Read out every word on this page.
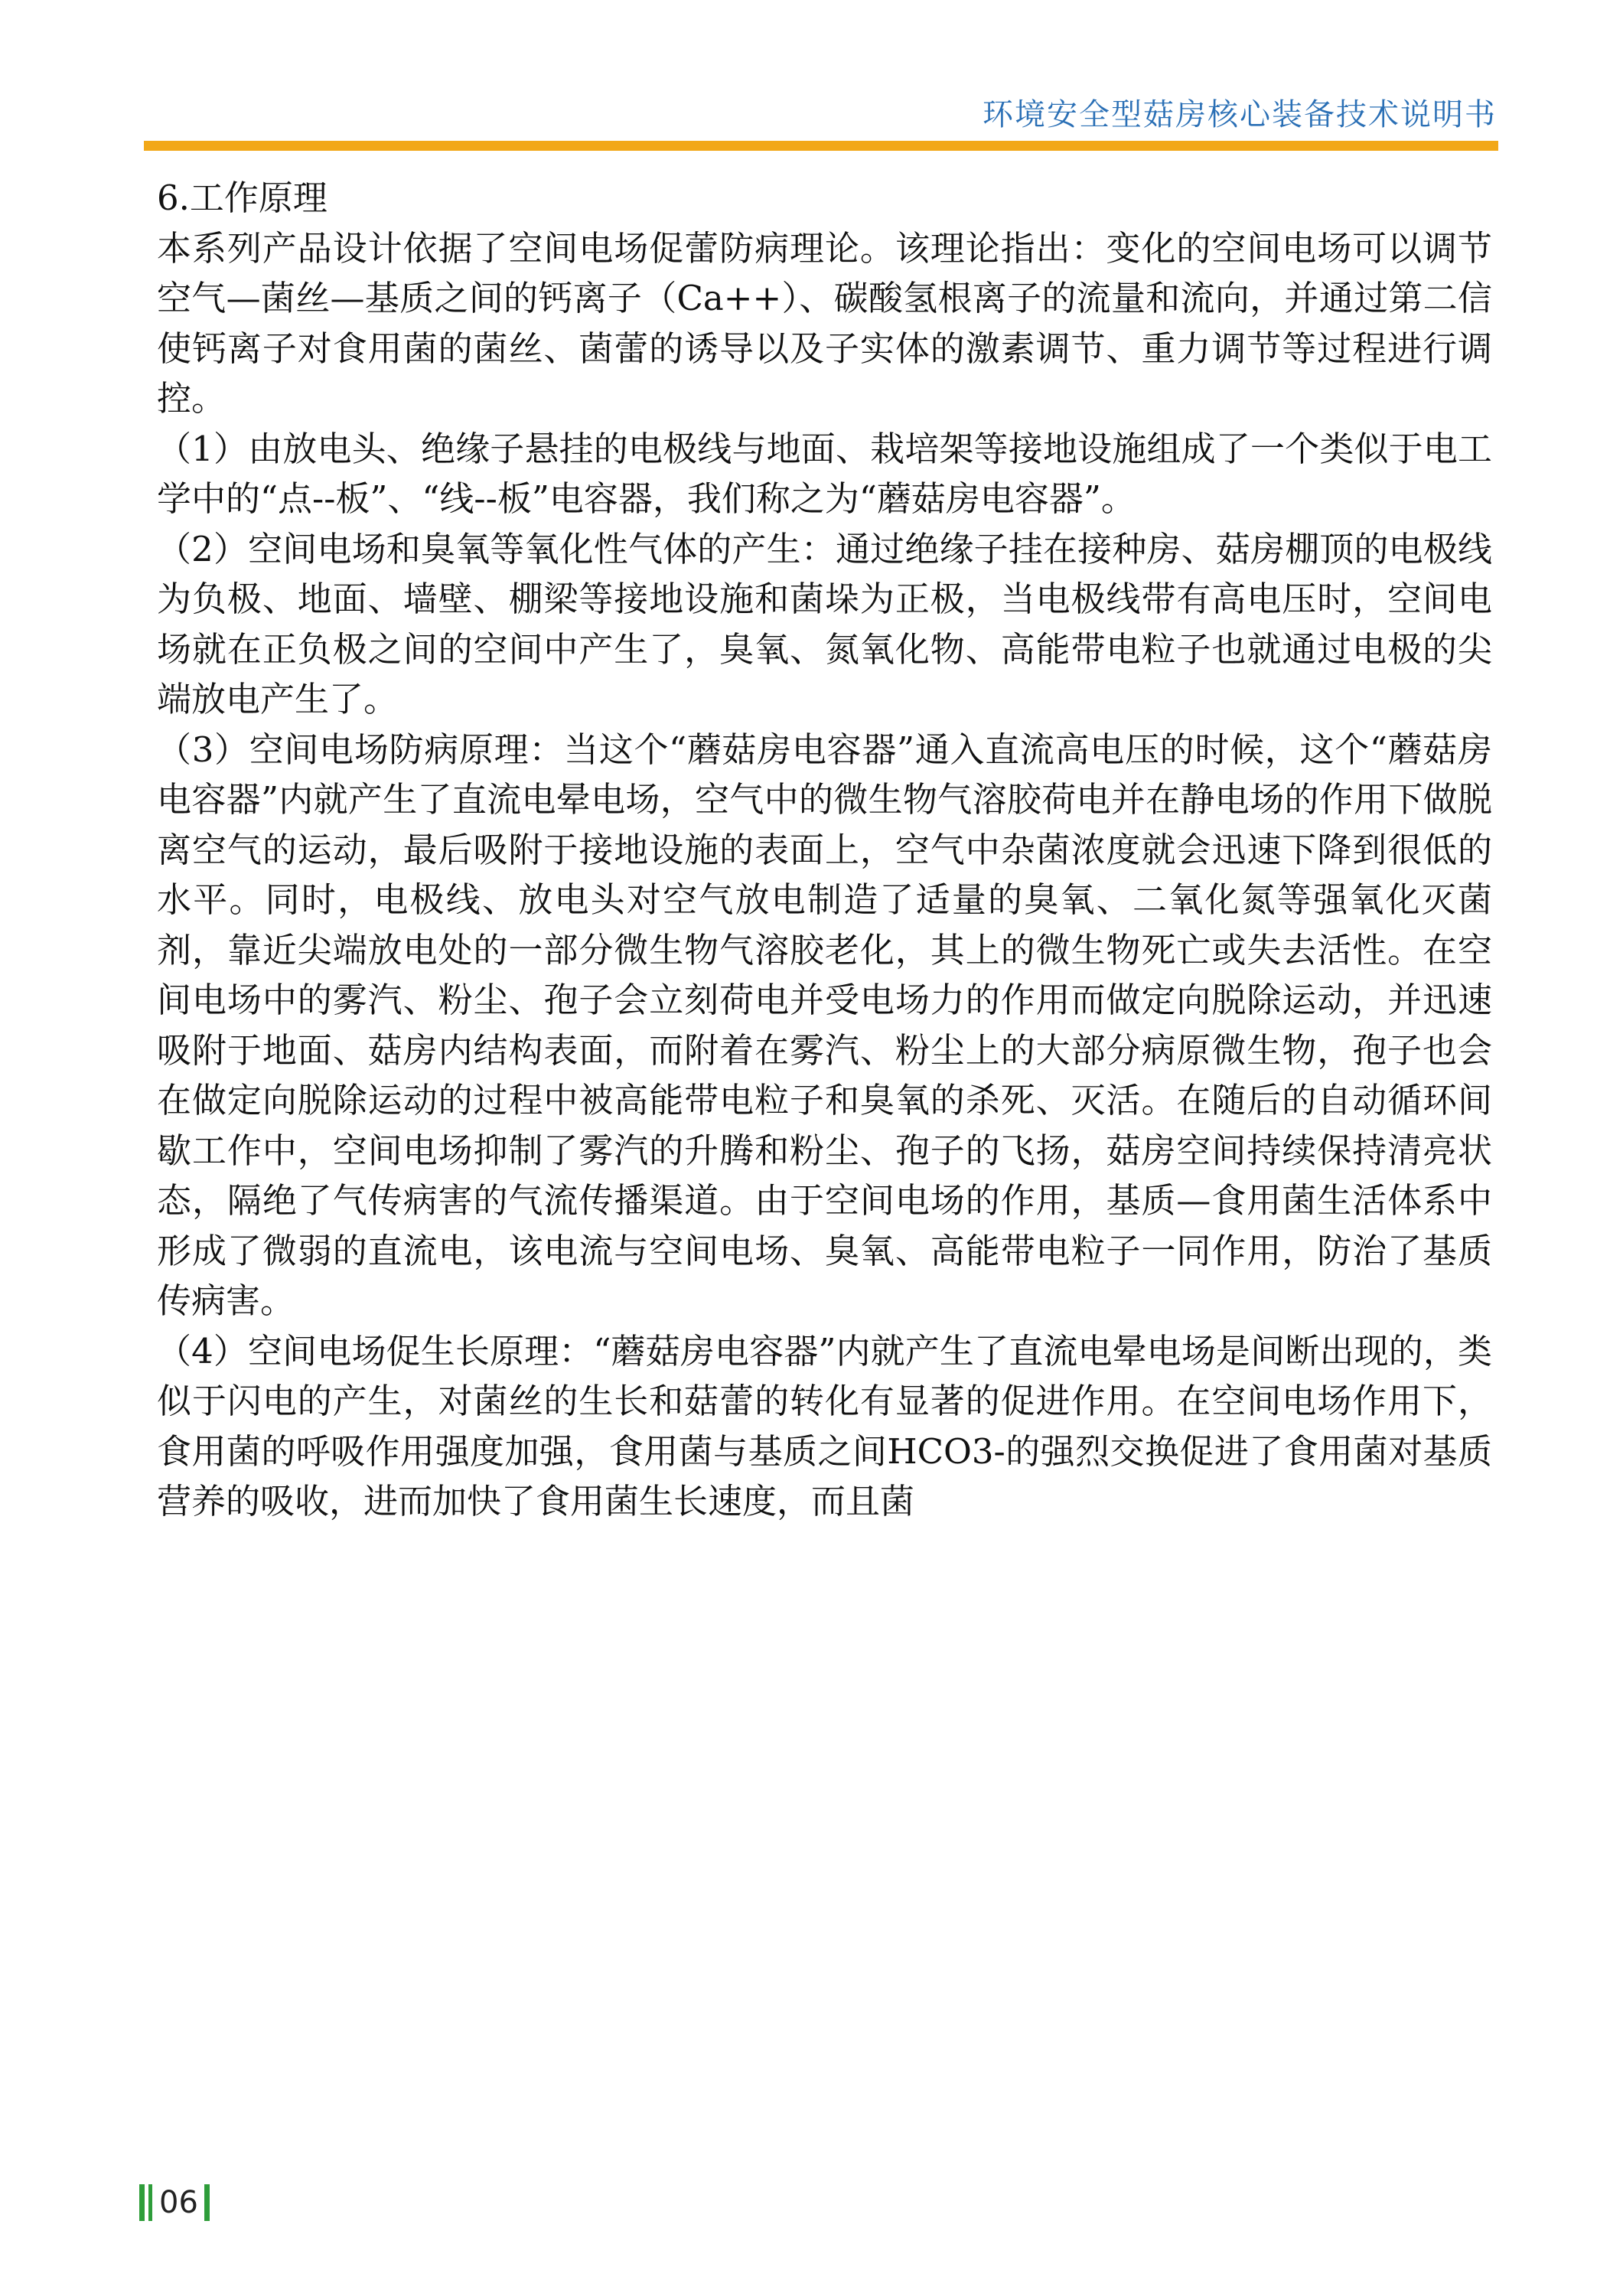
环境安全型菇房核心装备技术说明书

6.工作原理

本系列产品设计依据了空间电场促蕾防病理论。该理论指出：变化的空间电场可以调节空气—菌丝—基质之间的钙离子（Ca++）、碳酸氢根离子的流量和流向，并通过第二信使钙离子对食用菌的菌丝、菌蕾的诱导以及子实体的激素调节、重力调节等过程进行调控。

（1）由放电头、绝缘子悬挂的电极线与地面、栽培架等接地设施组成了一个类似于电工学中的“点--板”、“线--板”电容器，我们称之为“蘑菇房电容器”。

（2）空间电场和臭氧等氧化性气体的产生：通过绝缘子挂在接种房、菇房棚顶的电极线为负极、地面、墙壁、棚梁等接地设施和菌垛为正极，当电极线带有高电压时，空间电场就在正负极之间的空间中产生了，臭氧、氮氧化物、高能带电粒子也就通过电极的尖端放电产生了。

（3）空间电场防病原理：当这个“蘑菇房电容器”通入直流高电压的时候，这个“蘑菇房电容器”内就产生了直流电晕电场，空气中的微生物气溶胶荷电并在静电场的作用下做脱离空气的运动，最后吸附于接地设施的表面上，空气中杂菌浓度就会迅速下降到很低的水平。同时，电极线、放电头对空气放电制造了适量的臭氧、二氧化氮等强氧化灭菌剂，靠近尖端放电处的一部分微生物气溶胶老化，其上的微生物死亡或失去活性。在空间电场中的雾汽、粉尘、孢子会立刻荷电并受电场力的作用而做定向脱除运动，并迅速吸附于地面、菇房内结构表面，而附着在雾汽、粉尘上的大部分病原微生物，孢子也会在做定向脱除运动的过程中被高能带电粒子和臭氧的杀死、灭活。在随后的自动循环间歇工作中，空间电场抑制了雾汽的升腾和粉尘、孢子的飞扬，菇房空间持续保持清亮状态，隔绝了气传病害的气流传播渠道。由于空间电场的作用，基质—食用菌生活体系中形成了微弱的直流电，该电流与空间电场、臭氧、高能带电粒子一同作用，防治了基质传病害。

（4）空间电场促生长原理：“蘑菇房电容器”内就产生了直流电晕电场是间断出现的，类似于闪电的产生，对菌丝的生长和菇蕾的转化有显著的促进作用。在空间电场作用下，食用菌的呼吸作用强度加强，食用菌与基质之间HCO3-的强烈交换促进了食用菌对基质营养的吸收，进而加快了食用菌生长速度，而且菌

06
